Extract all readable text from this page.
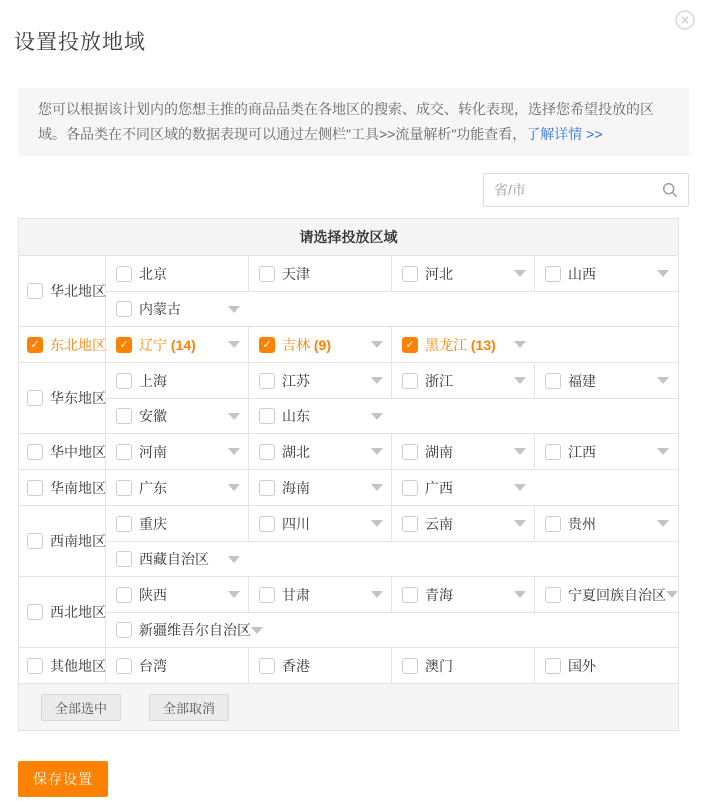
设置投放地域
您可以根据该计划内的您想主推的商品品类在各地区的搜索、成交、转化表现，选择您希望投放的区域。各品类在不同区域的数据表现可以通过左侧栏"工具>>流量解析"功能查看，了解详情 >>
省/市
请选择投放区域
华北地区
北京	天津	河北	山西
内蒙古
✓ 东北地区	✓ 辽宁 (14)	✓ 吉林 (9)	✓ 黑龙江 (13)
华东地区
上海	江苏	浙江	福建
安徽	山东
华中地区 河南	湖北	湖南	江西
华南地区 广东	海南	广西
西南地区
重庆	四川	云南	贵州
西藏自治区
西北地区
陕西	甘肃	青海	宁夏回族自治区
新疆维吾尔自治区
其他地区 台湾	香港	澳门	国外
全部选中	全部取消
保存设置
